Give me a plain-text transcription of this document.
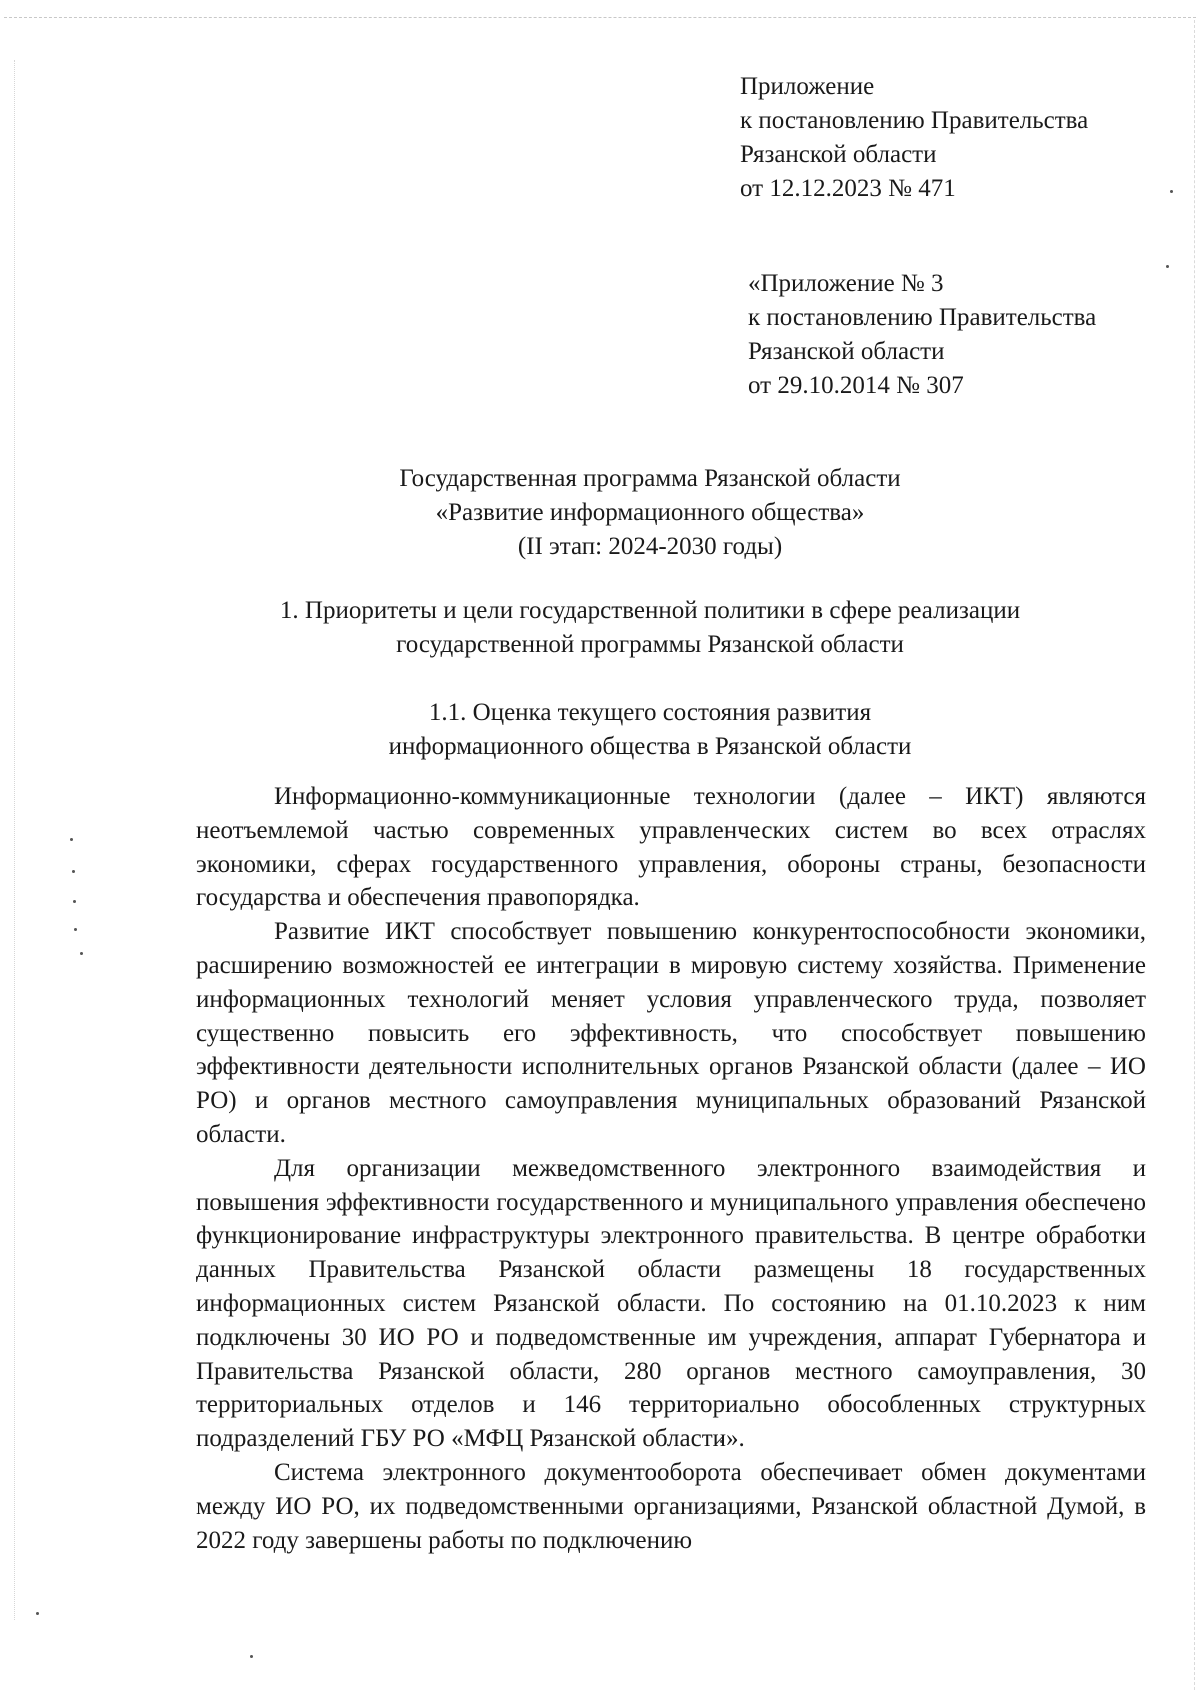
Приложение
к постановлению Правительства
Рязанской области
от 12.12.2023 № 471
«Приложение № 3
к постановлению Правительства
Рязанской области
от 29.10.2014 № 307
Государственная программа Рязанской области
«Развитие информационного общества»
(II этап: 2024-2030 годы)
1. Приоритеты и цели государственной политики в сфере реализации
государственной программы Рязанской области
1.1. Оценка текущего состояния развития
информационного общества в Рязанской области

Информационно-коммуникационные технологии (далее – ИКТ) являются неотъемлемой частью современных управленческих систем во всех отраслях экономики, сферах государственного управления, обороны страны, безопасности государства и обеспечения правопорядка.

Развитие ИКТ способствует повышению конкурентоспособности экономики, расширению возможностей ее интеграции в мировую систему хозяйства. Применение информационных технологий меняет условия управленческого труда, позволяет существенно повысить его эффективность, что способствует повышению эффективности деятельности исполнительных органов Рязанской области (далее – ИО РО) и органов местного самоуправления муниципальных образований Рязанской области.

Для организации межведомственного электронного взаимодействия и повышения эффективности государственного и муниципального управления обеспечено функционирование инфраструктуры электронного правительства. В центре обработки данных Правительства Рязанской области размещены 18 государственных информационных систем Рязанской области. По состоянию на 01.10.2023 к ним подключены 30 ИО РО и подведомственные им учреждения, аппарат Губернатора и Правительства Рязанской области, 280 органов местного самоуправления, 30 территориальных отделов и 146 территориально обособленных структурных подразделений ГБУ РО «МФЦ Рязанской области».

Система электронного документооборота обеспечивает обмен документами между ИО РО, их подведомственными организациями, Рязанской областной Думой, в 2022 году завершены работы по подключению
